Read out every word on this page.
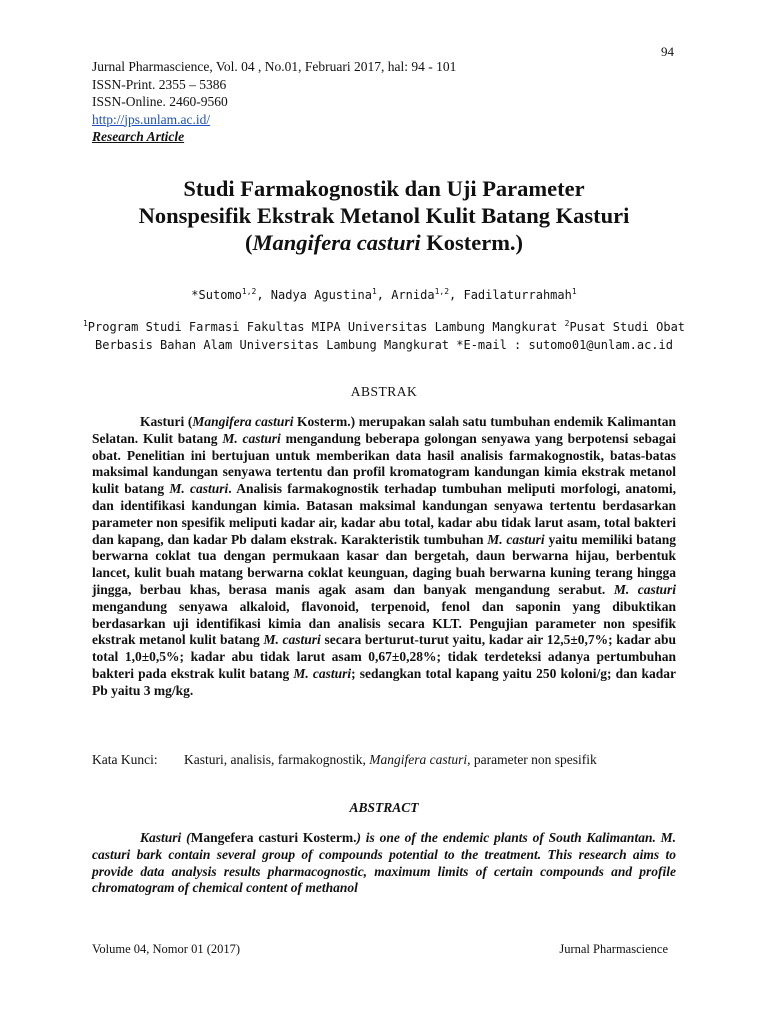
94
Jurnal Pharmascience, Vol. 04 , No.01, Februari 2017, hal: 94 - 101
ISSN-Print. 2355 – 5386
ISSN-Online. 2460-9560
http://jps.unlam.ac.id/
Research Article
Studi Farmakognostik dan Uji Parameter
Nonspesifik Ekstrak Metanol Kulit Batang Kasturi
(Mangifera casturi Kosterm.)
*Sutomo$^{1,2}$, Nadya Agustina$^1$, Arnida$^{1,2}$, Fadilaturrahmah$^1$
$^1$Program Studi Farmasi Fakultas MIPA Universitas Lambung Mangkurat $^2$Pusat Studi Obat Berbasis Bahan Alam Universitas Lambung Mangkurat *E-mail : sutomo01@unlam.ac.id
ABSTRAK
Kasturi (Mangifera casturi Kosterm.) merupakan salah satu tumbuhan endemik Kalimantan Selatan. Kulit batang M. casturi mengandung beberapa golongan senyawa yang berpotensi sebagai obat. Penelitian ini bertujuan untuk memberikan data hasil analisis farmakognostik, batas-batas maksimal kandungan senyawa tertentu dan profil kromatogram kandungan kimia ekstrak metanol kulit batang M. casturi. Analisis farmakognostik terhadap tumbuhan meliputi morfologi, anatomi, dan identifikasi kandungan kimia. Batasan maksimal kandungan senyawa tertentu berdasarkan parameter non spesifik meliputi kadar air, kadar abu total, kadar abu tidak larut asam, total bakteri dan kapang, dan kadar Pb dalam ekstrak. Karakteristik tumbuhan M. casturi yaitu memiliki batang berwarna coklat tua dengan permukaan kasar dan bergetah, daun berwarna hijau, berbentuk lancet, kulit buah matang berwarna coklat keunguan, daging buah berwarna kuning terang hingga jingga, berbau khas, berasa manis agak asam dan banyak mengandung serabut. M. casturi mengandung senyawa alkaloid, flavonoid, terpenoid, fenol dan saponin yang dibuktikan berdasarkan uji identifikasi kimia dan analisis secara KLT. Pengujian parameter non spesifik ekstrak metanol kulit batang M. casturi secara berturut-turut yaitu, kadar air 12,5±0,7%; kadar abu total 1,0±0,5%; kadar abu tidak larut asam 0,67±0,28%; tidak terdeteksi adanya pertumbuhan bakteri pada ekstrak kulit batang M. casturi; sedangkan total kapang yaitu 250 koloni/g; dan kadar Pb yaitu 3 mg/kg.
Kata Kunci:	Kasturi, analisis, farmakognostik, Mangifera casturi, parameter non spesifik
ABSTRACT
Kasturi (Mangefera casturi Kosterm.) is one of the endemic plants of South Kalimantan. M. casturi bark contain several group of compounds potential to the treatment. This research aims to provide data analysis results pharmacognostic, maximum limits of certain compounds and profile chromatogram of chemical content of methanol
Volume 04, Nomor 01 (2017)	Jurnal Pharmascience
